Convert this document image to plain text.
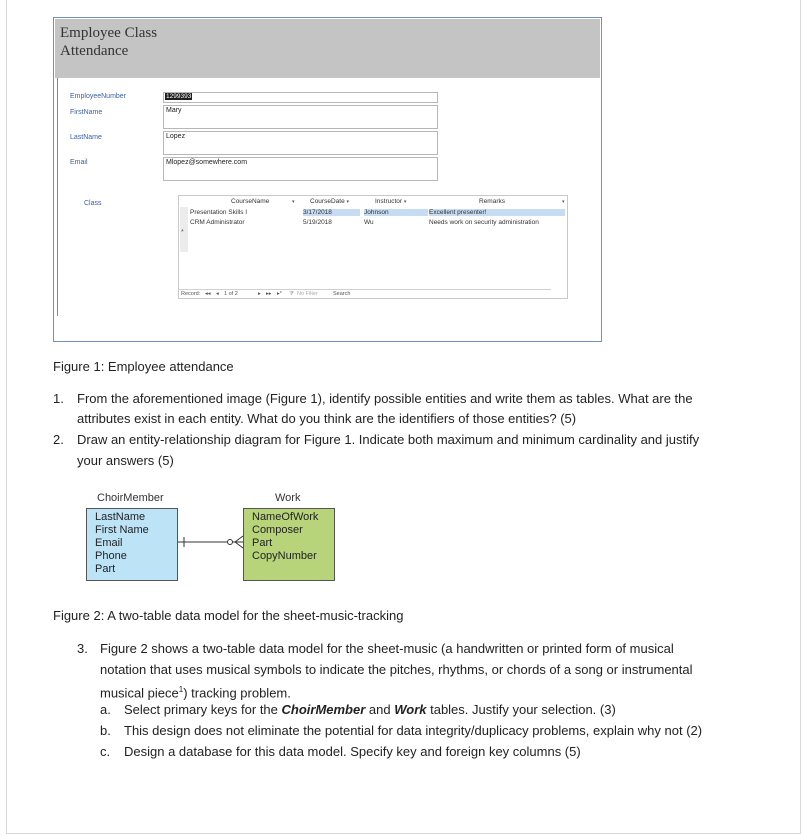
Employee Class Attendance
EmployeeNumber	1299393
FirstName	Mary
LastName	Lopez
Email	Mlopez@somewhere.com
Class	CourseName	▾ CourseDate ▾	Instructor ▾	Remarks	▾
Presentation Skills I	3/17/2018	Johnson	Excellent presenter!
CRM Administrator	5/19/2018	Wu	Needs work on security administration
*
Record: ◂◂ ◂ 1 of 2	▸ ▸▸ ▸* ⧩ No Filter	Search
Figure 1: Employee attendance
1. From the aforementioned image (Figure 1), identify possible entities and write them as tables. What are the
attributes exist in each entity. What do you think are the identifiers of those entities? (5)
2. Draw an entity-relationship diagram for Figure 1. Indicate both maximum and minimum cardinality and justify
your answers (5)
ChoirMember
LastName
First Name
Email
Phone
Part
Work
NameOfWork
Composer
Part
CopyNumber
Figure 2: A two-table data model for the sheet-music-tracking
3. Figure 2 shows a two-table data model for the sheet-music (a handwritten or printed form of musical
notation that uses musical symbols to indicate the pitches, rhythms, or chords of a song or instrumental
musical piece$^1$) tracking problem.
a. Select primary keys for the ChoirMember and Work tables. Justify your selection. (3)
b. This design does not eliminate the potential for data integrity/duplicacy problems, explain why not (2)
c. Design a database for this data model. Specify key and foreign key columns (5)
